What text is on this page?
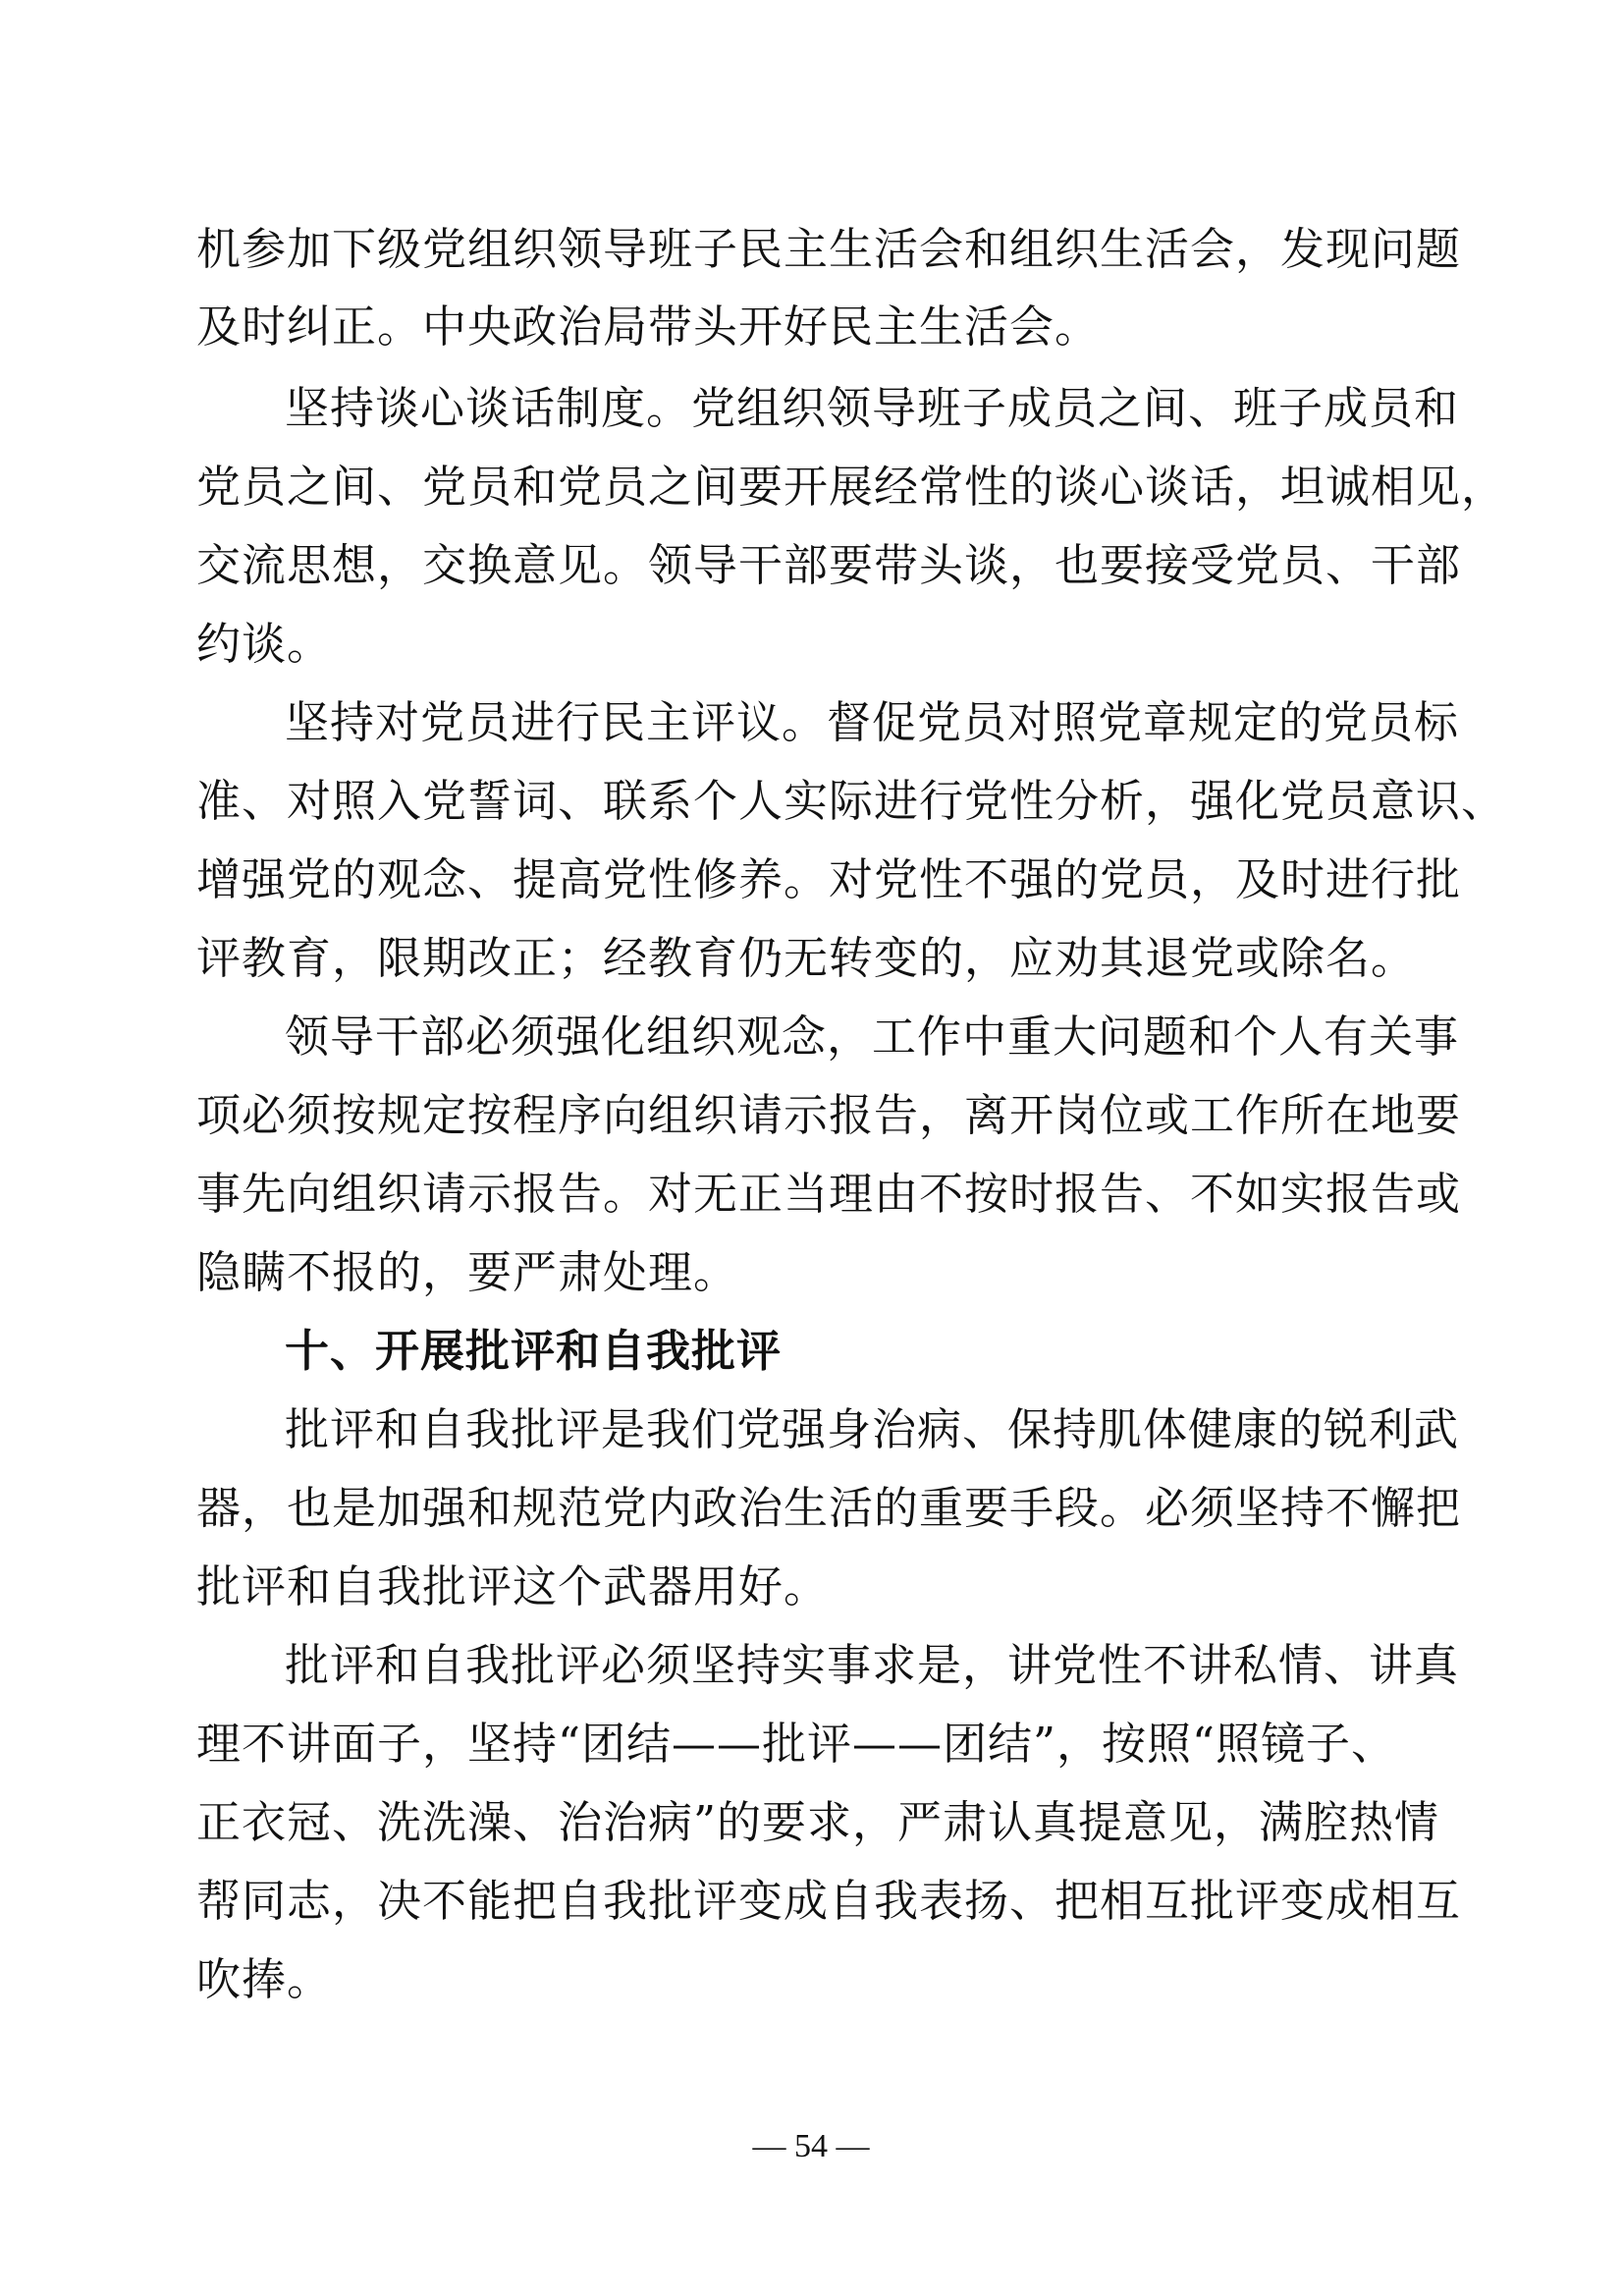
机参加下级党组织领导班子民主生活会和组织生活会，发现问题
及时纠正。中央政治局带头开好民主生活会。
坚持谈心谈话制度。党组织领导班子成员之间、班子成员和
党员之间、党员和党员之间要开展经常性的谈心谈话，坦诚相见，
交流思想，交换意见。领导干部要带头谈，也要接受党员、干部
约谈。
坚持对党员进行民主评议。督促党员对照党章规定的党员标
准、对照入党誓词、联系个人实际进行党性分析，强化党员意识、
增强党的观念、提高党性修养。对党性不强的党员，及时进行批
评教育，限期改正；经教育仍无转变的，应劝其退党或除名。
领导干部必须强化组织观念，工作中重大问题和个人有关事
项必须按规定按程序向组织请示报告，离开岗位或工作所在地要
事先向组织请示报告。对无正当理由不按时报告、不如实报告或
隐瞒不报的，要严肃处理。
十、开展批评和自我批评
批评和自我批评是我们党强身治病、保持肌体健康的锐利武
器，也是加强和规范党内政治生活的重要手段。必须坚持不懈把
批评和自我批评这个武器用好。
批评和自我批评必须坚持实事求是，讲党性不讲私情、讲真
理不讲面子，坚持“团结——批评——团结”，按照“照镜子、
正衣冠、洗洗澡、治治病”的要求，严肃认真提意见，满腔热情
帮同志，决不能把自我批评变成自我表扬、把相互批评变成相互
吹捧。
— 54 —
